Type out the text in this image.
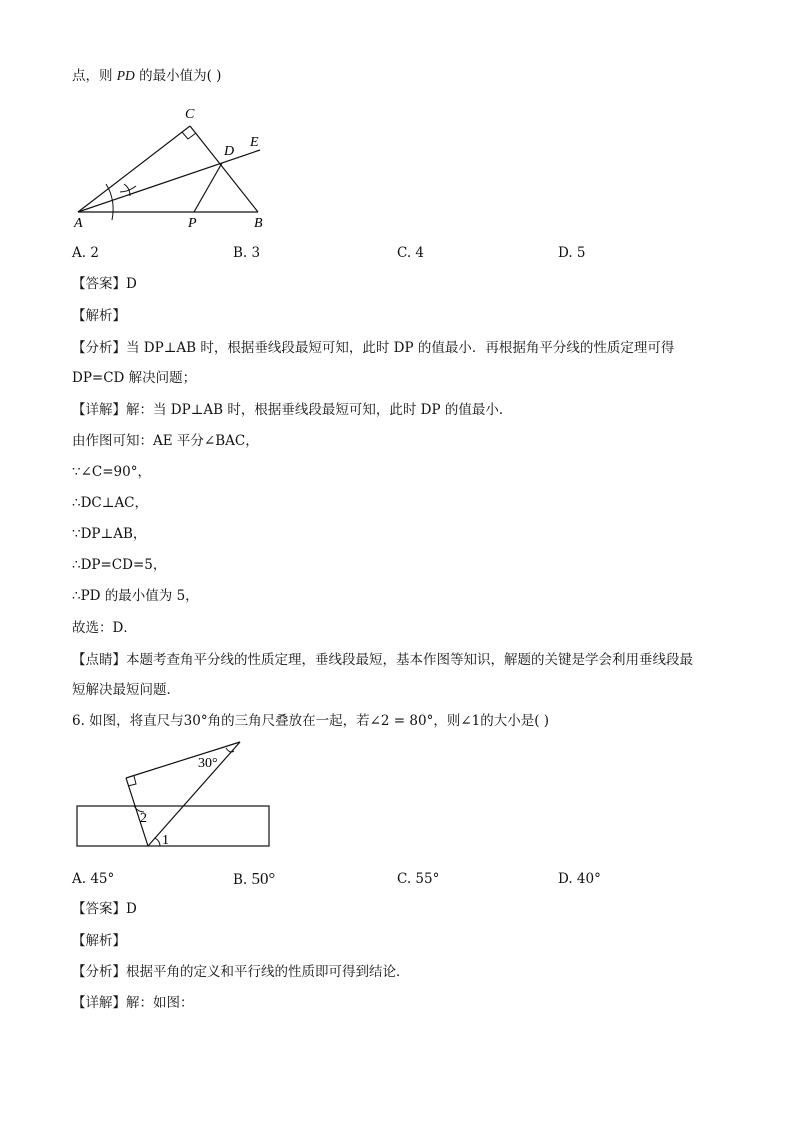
点，则 PD 的最小值为( )
C
D
E
A	P	B
A. 2	B. 3	C. 4	D. 5
【答案】D
【解析】
【分析】当 DP⊥AB 时，根据垂线段最短可知，此时 DP 的值最小．再根据角平分线的性质定理可得
DP=CD 解决问题；
【详解】解：当 DP⊥AB 时，根据垂线段最短可知，此时 DP 的值最小．
由作图可知：AE 平分∠BAC，
∵∠C=90°，
∴DC⊥AC，
∵DP⊥AB，
∴DP=CD=5，
∴PD 的最小值为 5，
故选：D．
【点睛】本题考查角平分线的性质定理，垂线段最短，基本作图等知识，解题的关键是学会利用垂线段最
短解决最短问题．
6. 如图，将直尺与30°角的三角尺叠放在一起，若∠2 = 80°，则∠1的大小是( )
30°
2
1
A. 45°	B. 50°	C. 55°	D. 40°
【答案】D
【解析】
【分析】根据平角的定义和平行线的性质即可得到结论．
【详解】解：如图：
